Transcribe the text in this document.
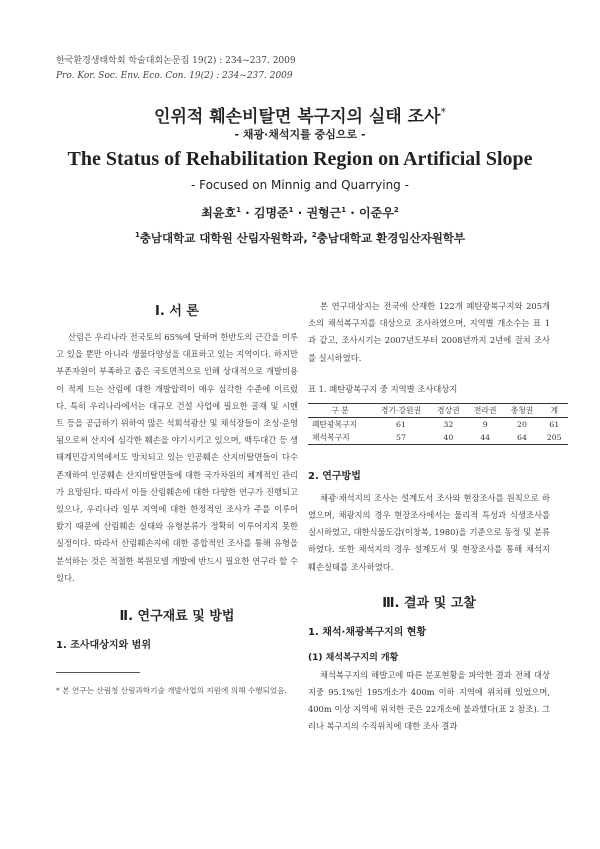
한국환경생태학회 학술대회논문집 19(2) : 234~237. 2009
Pro. Kor. Soc. Env. Eco. Con. 19(2) : 234~237. 2009
인위적 훼손비탈면 복구지의 실태 조사*
- 채광·채석지를 중심으로 -
The Status of Rehabilitation Region on Artificial Slope
- Focused on Minnig and Quarrying -
최윤호$^1$ · 김명준$^1$ · 권형근$^1$ · 이준우$^2$
$^1$충남대학교 대학원 산림자원학과, $^2$충남대학교 환경임산자원학부
Ⅰ. 서 론
산림은 우리나라 전국토의 65%에 달하며 한반도의 근간을 이루고 있을 뿐만 아니라 생물다양성을 대표하고 있는 지역이다. 하지만 부존자원이 부족하고 좁은 국토면적으로 인해 상대적으로 개발비용이 적게 드는 산림에 대한 개발압력이 매우 심각한 수준에 이르렀다. 특히 우리나라에서는 대규모 건설 사업에 필요한 골재 및 시멘트 등을 공급하기 위하여 많은 석회석광산 및 채석장들이 조성·운영됨으로써 산지에 심각한 훼손을 야기시키고 있으며, 백두대간 등 생태계민감지역에서도 방치되고 있는 인공훼손 산지비탈면들이 다수 존재하여 인공훼손 산지비탈면들에 대한 국가차원의 체계적인 관리가 요망된다. 따라서 이들 산림훼손에 대한 다양한 연구가 진행되고 있으나, 우리나라 일부 지역에 대한 한정적인 조사가 주를 이루어 왔기 때문에 산림훼손 실태와 유형분류가 정확히 이루어지지 못한 실정이다. 따라서 산림훼손지에 대한 종합적인 조사를 통해 유형을 분석하는 것은 적절한 복원모델 개발에 반드시 필요한 연구라 할 수 있다.
Ⅱ. 연구재료 및 방법
1. 조사대상지와 범위
* 본 연구는 산림청 산림과학기술 개발사업의 지원에 의해 수행되었음.
본 연구대상지는 전국에 산재한 122개 폐탄광복구지와 205개소의 채석복구지를 대상으로 조사하였으며, 지역별 개소수는 표 1과 같고, 조사시기는 2007년도부터 2008년까지 2년에 걸쳐 조사를 실시하였다.
표 1. 폐탄광복구지 중 지역별 조사대상지
구 분	경기·강원권	경상권	전라권	충청권	계
폐탄광복구지	61	32	9	20	61
채석복구지	57	40	44	64	205
2. 연구방법
채광·채석지의 조사는 설계도서 조사와 현장조사를 원칙으로 하였으며, 채광지의 경우 현장조사에서는 물리적 특성과 식생조사를 실시하였고, 대한식물도감(이창복, 1980)을 기준으로 동정 및 분류하였다. 또한 채석지의 경우 설계도서 및 현장조사를 통해 채석지 훼손실태를 조사하였다.
Ⅲ. 결과 및 고찰
1. 채석·채광복구지의 현황
(1) 채석복구지의 개황
채석복구지의 해발고에 따른 분포현황을 파악한 결과 전체 대상지중 95.1%인 195개소가 400m 이하 지역에 위치해 있었으며, 400m 이상 지역에 위치한 곳은 22개소에 불과했다(표 2 참조). 그러나 복구지의 수직위치에 대한 조사 결과
